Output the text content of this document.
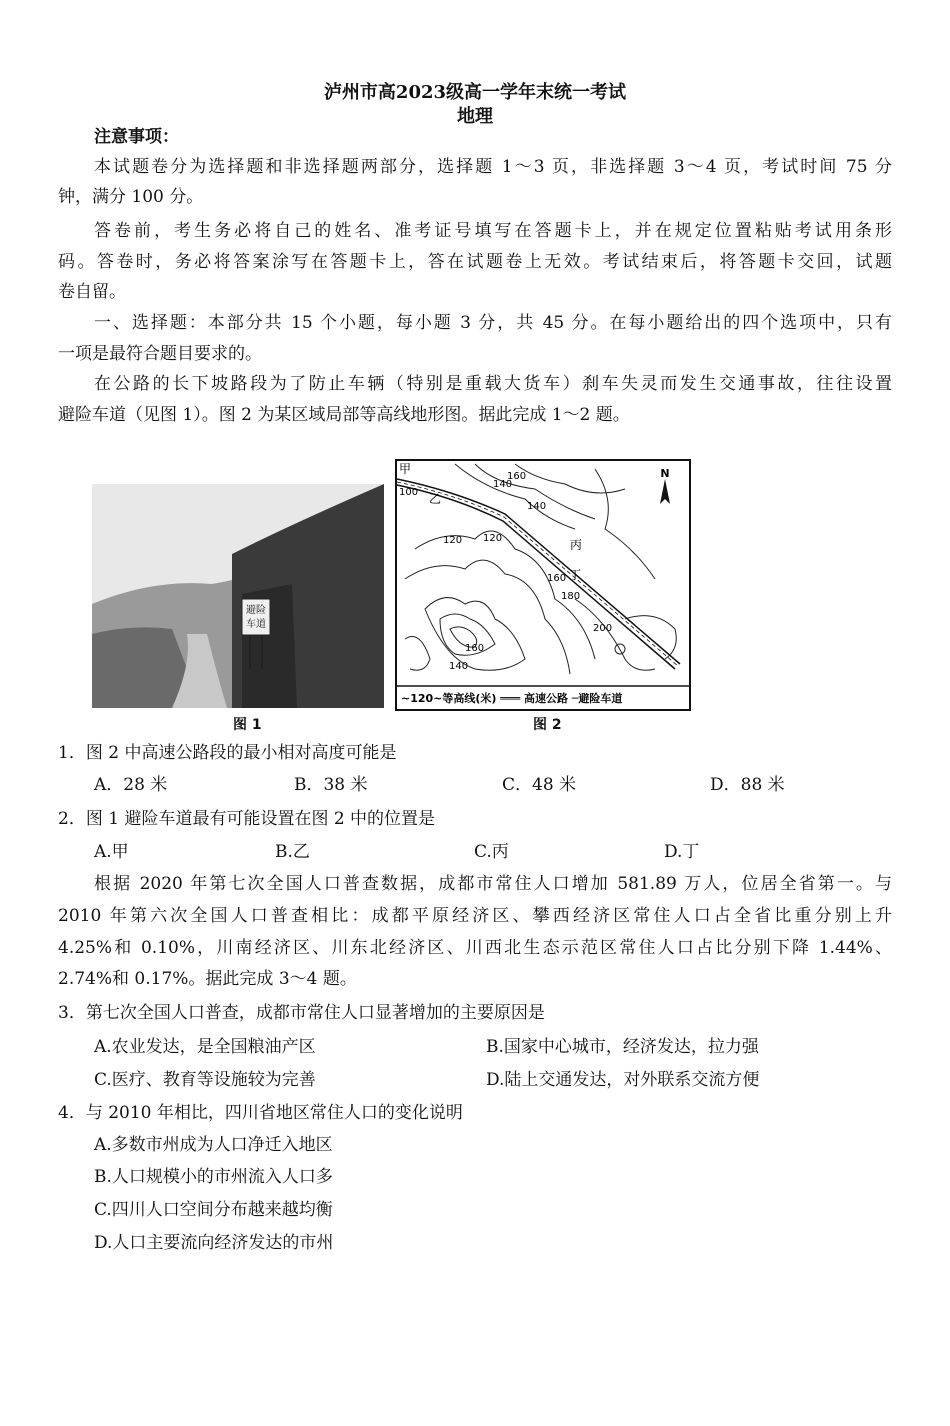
泸州市高2023级高一学年末统一考试
地理
注意事项：
本试题卷分为选择题和非选择题两部分，选择题 1～3 页，非选择题 3～4 页，考试时间 75 分
钟，满分 100 分。
答卷前，考生务必将自己的姓名、准考证号填写在答题卡上，并在规定位置粘贴考试用条形
码。答卷时，务必将答案涂写在答题卡上，答在试题卷上无效。考试结束后，将答题卡交回，试题
卷自留。
一、选择题：本部分共 15 个小题，每小题 3 分，共 45 分。在每小题给出的四个选项中，只有
一项是最符合题目要求的。
在公路的长下坡路段为了防止车辆（特别是重载大货车）刹车失灵而发生交通事故，往往设置
避险车道（见图 1）。图 2 为某区域局部等高线地形图。据此完成 1～2 题。
避险
车道
图 1
N
甲
乙
丙
丁
100
160
140
140
120 120
160
180
200
160
140
~120~等高线(米) ═══ 高速公路 ─避险车道
图 2
1．图 2 中高速公路段的最小相对高度可能是
A．28 米	B．38 米	C．48 米	D．88 米
2．图 1 避险车道最有可能设置在图 2 中的位置是
A.甲	B.乙	C.丙	D.丁
根据 2020 年第七次全国人口普查数据，成都市常住人口增加 581.89 万人，位居全省第一。与
2010 年第六次全国人口普查相比：成都平原经济区、攀西经济区常住人口占全省比重分别上升
4.25%和 0.10%，川南经济区、川东北经济区、川西北生态示范区常住人口占比分别下降 1.44%、
2.74%和 0.17%。据此完成 3～4 题。
3．第七次全国人口普查，成都市常住人口显著增加的主要原因是
A.农业发达，是全国粮油产区	B.国家中心城市，经济发达，拉力强
C.医疗、教育等设施较为完善	D.陆上交通发达，对外联系交流方便
4．与 2010 年相比，四川省地区常住人口的变化说明
A.多数市州成为人口净迁入地区
B.人口规模小的市州流入人口多
C.四川人口空间分布越来越均衡
D.人口主要流向经济发达的市州
